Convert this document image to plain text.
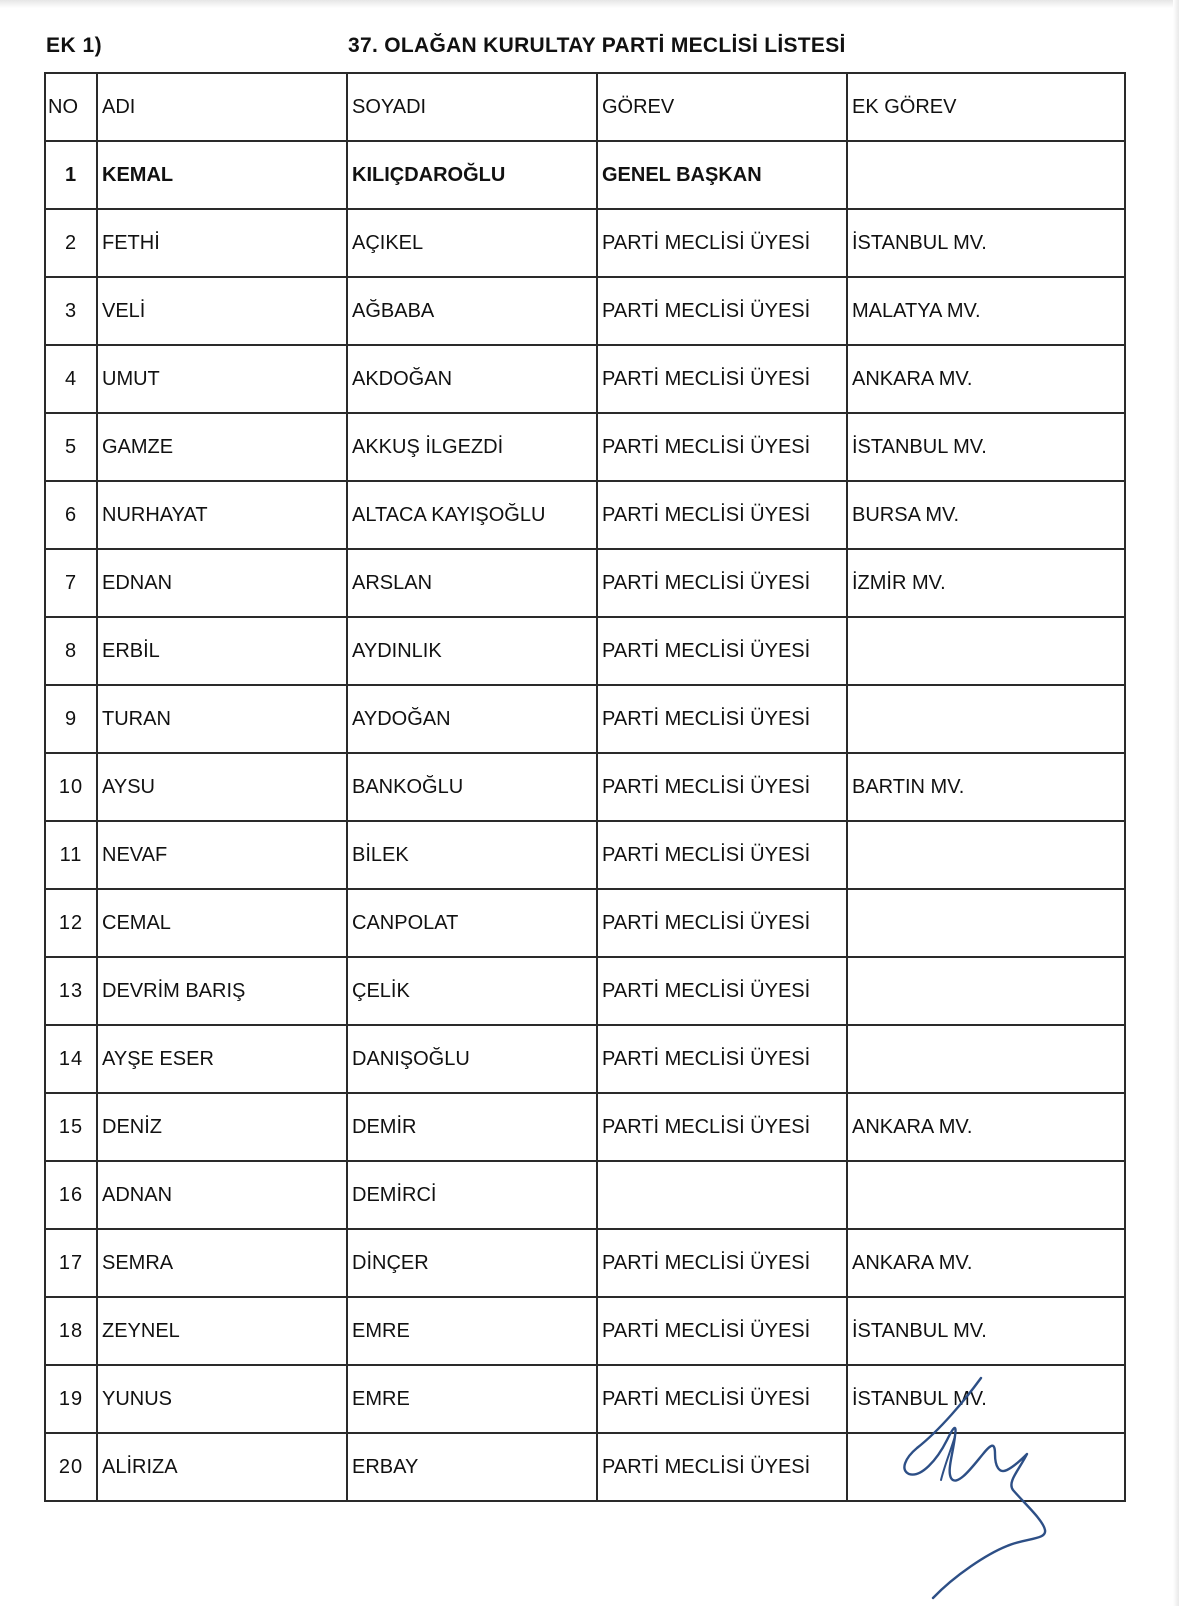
EK 1)	37. OLAĞAN KURULTAY PARTİ MECLİSİ LİSTESİ
NO	ADI	SOYADI	GÖREV	EK GÖREV
1	KEMAL	KILIÇDAROĞLU	GENEL BAŞKAN	
2	FETHİ	AÇIKEL	PARTİ MECLİSİ ÜYESİ	İSTANBUL MV.
3	VELİ	AĞBABA	PARTİ MECLİSİ ÜYESİ	MALATYA MV.
4	UMUT	AKDOĞAN	PARTİ MECLİSİ ÜYESİ	ANKARA MV.
5	GAMZE	AKKUŞ İLGEZDİ	PARTİ MECLİSİ ÜYESİ	İSTANBUL MV.
6	NURHAYAT	ALTACA KAYIŞOĞLU	PARTİ MECLİSİ ÜYESİ	BURSA MV.
7	EDNAN	ARSLAN	PARTİ MECLİSİ ÜYESİ	İZMİR MV.
8	ERBİL	AYDINLIK	PARTİ MECLİSİ ÜYESİ	
9	TURAN	AYDOĞAN	PARTİ MECLİSİ ÜYESİ	
10	AYSU	BANKOĞLU	PARTİ MECLİSİ ÜYESİ	BARTIN MV.
11	NEVAF	BİLEK	PARTİ MECLİSİ ÜYESİ	
12	CEMAL	CANPOLAT	PARTİ MECLİSİ ÜYESİ	
13	DEVRİM BARIŞ	ÇELİK	PARTİ MECLİSİ ÜYESİ	
14	AYŞE ESER	DANIŞOĞLU	PARTİ MECLİSİ ÜYESİ	
15	DENİZ	DEMİR	PARTİ MECLİSİ ÜYESİ	ANKARA MV.
16	ADNAN	DEMİRCİ		
17	SEMRA	DİNÇER	PARTİ MECLİSİ ÜYESİ	ANKARA MV.
18	ZEYNEL	EMRE	PARTİ MECLİSİ ÜYESİ	İSTANBUL MV.
19	YUNUS	EMRE	PARTİ MECLİSİ ÜYESİ	İSTANBUL MV.
20	ALİRIZA	ERBAY	PARTİ MECLİSİ ÜYESİ	
